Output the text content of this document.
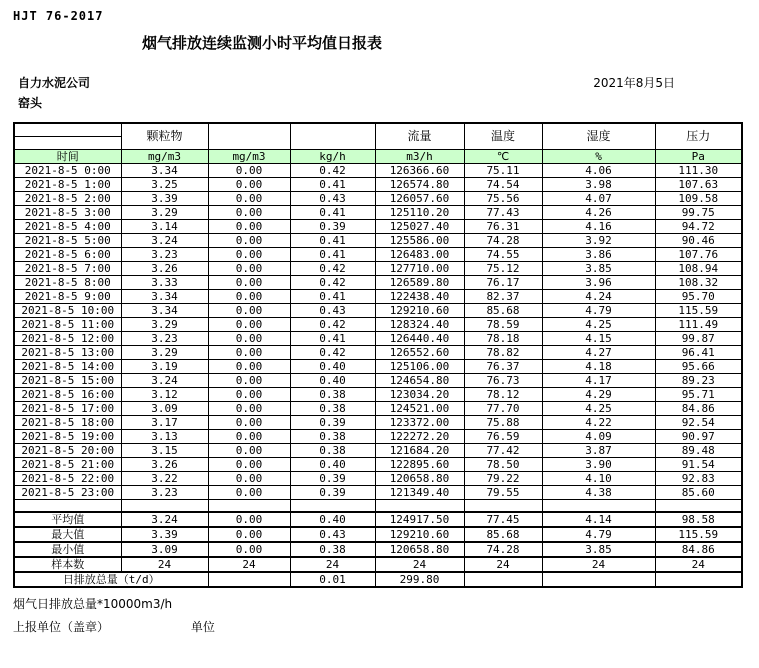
HJT 76-2017
烟气排放连续监测小时平均值日报表
自力水泥公司	2021年8月5日
窑头
	颗粒物			流量	温度	湿度	压力

时间	mg/m3	mg/m3	kg/h	m3/h	℃	%	Pa
2021-8-5 0:00	3.34	0.00	0.42	126366.60	75.11	4.06	111.30
2021-8-5 1:00	3.25	0.00	0.41	126574.80	74.54	3.98	107.63
2021-8-5 2:00	3.39	0.00	0.43	126057.60	75.56	4.07	109.58
2021-8-5 3:00	3.29	0.00	0.41	125110.20	77.43	4.26	99.75
2021-8-5 4:00	3.14	0.00	0.39	125027.40	76.31	4.16	94.72
2021-8-5 5:00	3.24	0.00	0.41	125586.00	74.28	3.92	90.46
2021-8-5 6:00	3.23	0.00	0.41	126483.00	74.55	3.86	107.76
2021-8-5 7:00	3.26	0.00	0.42	127710.00	75.12	3.85	108.94
2021-8-5 8:00	3.33	0.00	0.42	126589.80	76.17	3.96	108.32
2021-8-5 9:00	3.34	0.00	0.41	122438.40	82.37	4.24	95.70
2021-8-5 10:00	3.34	0.00	0.43	129210.60	85.68	4.79	115.59
2021-8-5 11:00	3.29	0.00	0.42	128324.40	78.59	4.25	111.49
2021-8-5 12:00	3.23	0.00	0.41	126440.40	78.18	4.15	99.87
2021-8-5 13:00	3.29	0.00	0.42	126552.60	78.82	4.27	96.41
2021-8-5 14:00	3.19	0.00	0.40	125106.00	76.37	4.18	95.66
2021-8-5 15:00	3.24	0.00	0.40	124654.80	76.73	4.17	89.23
2021-8-5 16:00	3.12	0.00	0.38	123034.20	78.12	4.29	95.71
2021-8-5 17:00	3.09	0.00	0.38	124521.00	77.70	4.25	84.86
2021-8-5 18:00	3.17	0.00	0.39	123372.00	75.88	4.22	92.54
2021-8-5 19:00	3.13	0.00	0.38	122272.20	76.59	4.09	90.97
2021-8-5 20:00	3.15	0.00	0.38	121684.20	77.42	3.87	89.48
2021-8-5 21:00	3.26	0.00	0.40	122895.60	78.50	3.90	91.54
2021-8-5 22:00	3.22	0.00	0.39	120658.80	79.22	4.10	92.83
2021-8-5 23:00	3.23	0.00	0.39	121349.40	79.55	4.38	85.60

平均值	3.24	0.00	0.40	124917.50	77.45	4.14	98.58
最大值	3.39	0.00	0.43	129210.60	85.68	4.79	115.59
最小值	3.09	0.00	0.38	120658.80	74.28	3.85	84.86
样本数	24	24	24	24	24	24	24
日排放总量（t/d）			0.01	299.80			
烟气日排放总量*10000m3/h
上报单位（盖章）	单位
